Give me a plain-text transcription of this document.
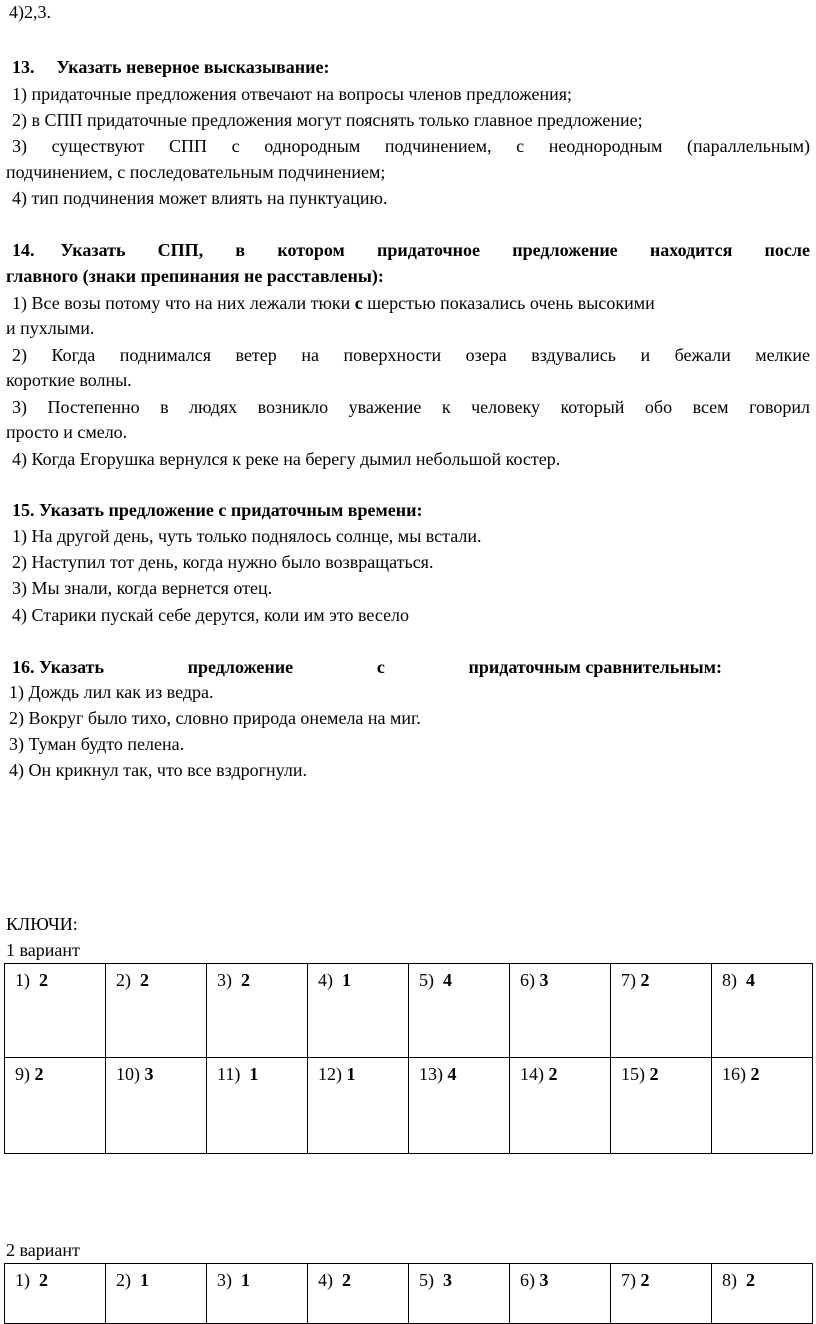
4)2,3.
13. Указать неверное высказывание:
1) придаточные предложения отвечают на вопросы членов предложения;
2) в СПП придаточные предложения могут пояснять только главное предложение;
3) существуют СПП с однородным подчинением, с неоднородным (параллельным)
подчинением, с последовательным подчинением;
4) тип подчинения может влиять на пунктуацию.
14. Указать СПП, в котором придаточное предложение находится после
главного (знаки препинания не расставлены):
1) Все возы потому что на них лежали тюки с шерстью показались очень высокими
и пухлыми.
2) Когда поднимался ветер на поверхности озера вздувались и бежали мелкие
короткие волны.
3) Постепенно в людях возникло уважение к человеку который обо всем говорил
просто и смело.
4) Когда Егорушка вернулся к реке на берегу дымил небольшой костер.
15. Указать предложение с придаточным времени:
1) На другой день, чуть только поднялось солнце, мы встали.
2) Наступил тот день, когда нужно было возвращаться.
3) Мы знали, когда вернется отец.
4) Старики пускай себе дерутся, коли им это весело
16. Указать	предложение	с	придаточным сравнительным:
1) Дождь лил как из ведра.
2) Вокруг было тихо, словно природа онемела на миг.
3) Туман будто пелена.
4) Он крикнул так, что все вздрогнули.
КЛЮЧИ:
1 вариант
1) 2	2) 2	3) 2	4) 1	5) 4	6) 3	7) 2	8) 4
9) 2	10) 3	11) 1	12) 1	13) 4	14) 2	15) 2	16) 2
2 вариант
1) 2	2) 1	3) 1	4) 2	5) 3	6) 3	7) 2	8) 2
